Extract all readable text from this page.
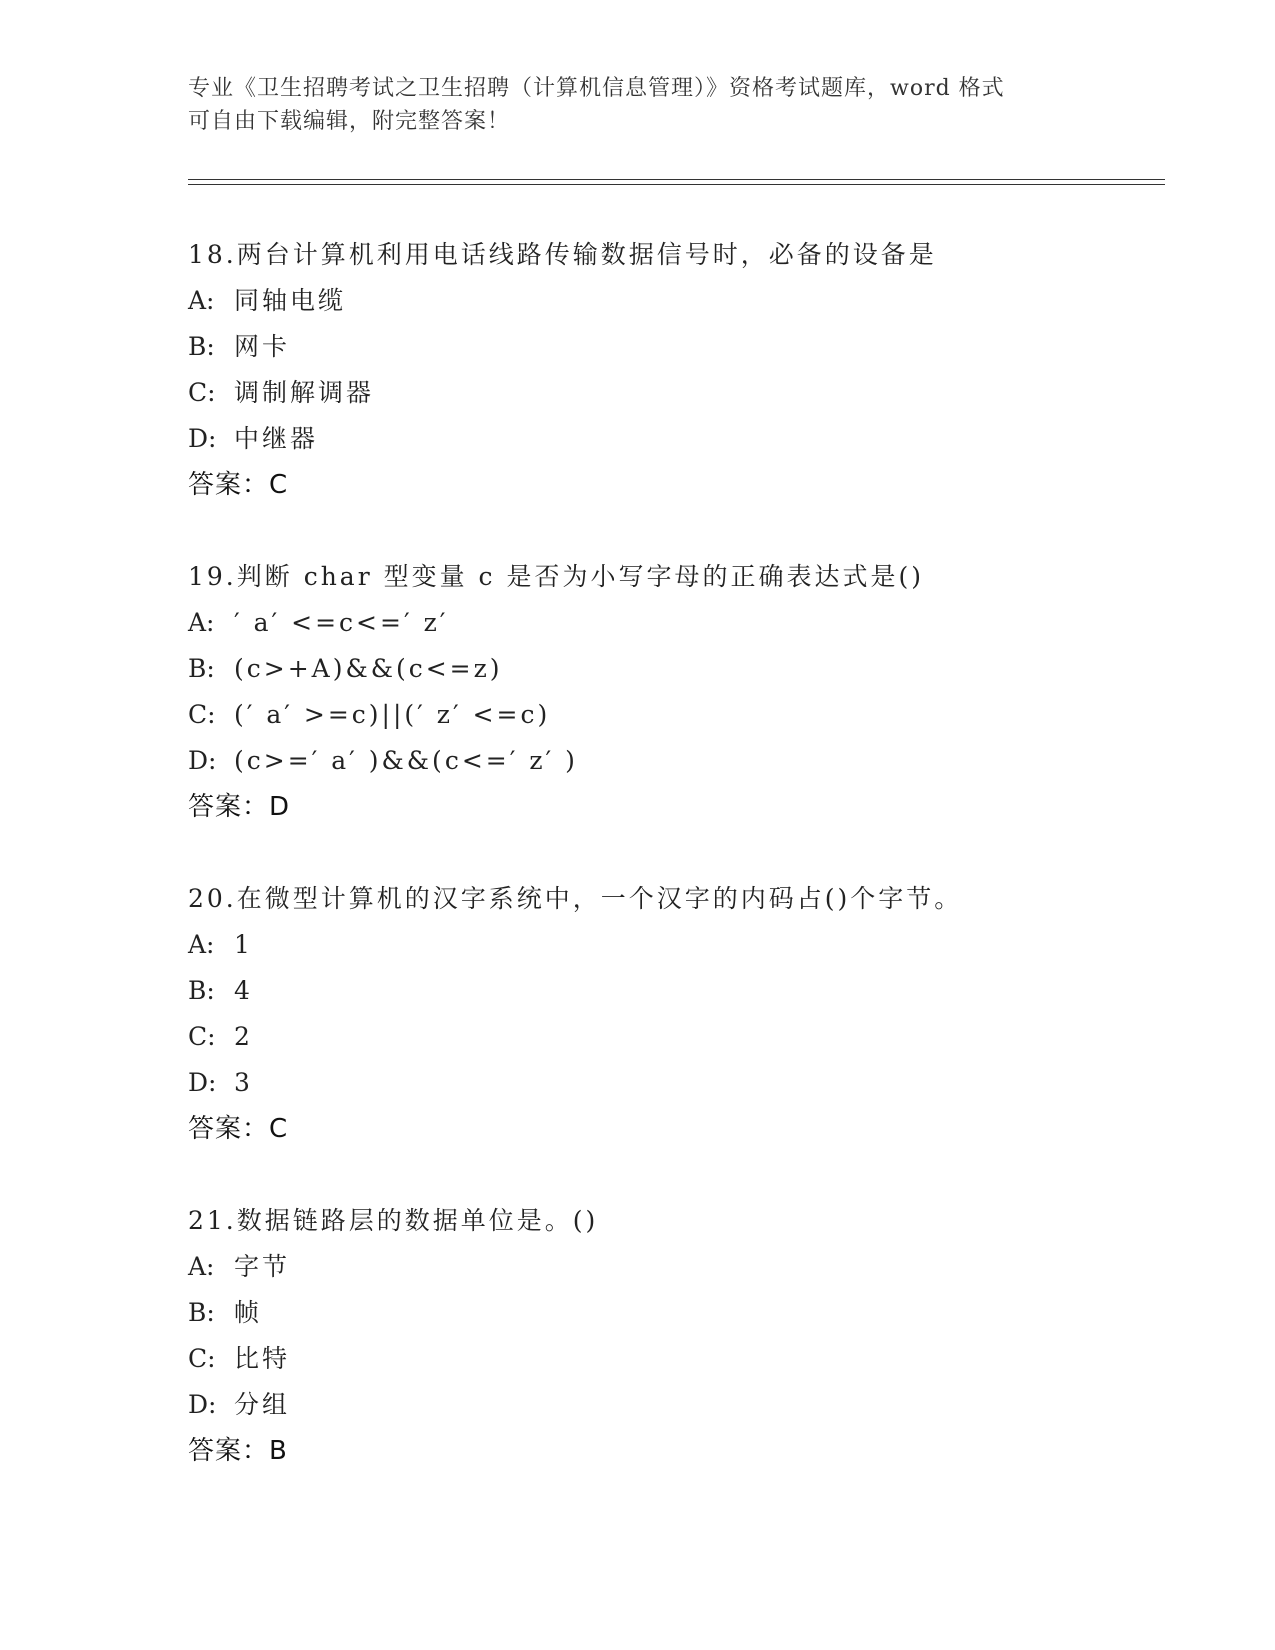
专业《卫生招聘考试之卫生招聘（计算机信息管理）》资格考试题库，word 格式
可自由下载编辑，附完整答案！
18.两台计算机利用电话线路传输数据信号时，必备的设备是
A: 同轴电缆
B: 网卡
C: 调制解调器
D: 中继器
答案：C
19.判断 char 型变量 c 是否为小写字母的正确表达式是()
A: ′ a′ <=c<=′ z′
B: (c>+A)&&(c<=z)
C: (′ a′ >=c)||(′ z′ <=c)
D: (c>=′ a′ )&&(c<=′ z′ )
答案：D
20.在微型计算机的汉字系统中，一个汉字的内码占()个字节。
A: 1
B: 4
C: 2
D: 3
答案：C
21.数据链路层的数据单位是。()
A: 字节
B: 帧
C: 比特
D: 分组
答案：B
